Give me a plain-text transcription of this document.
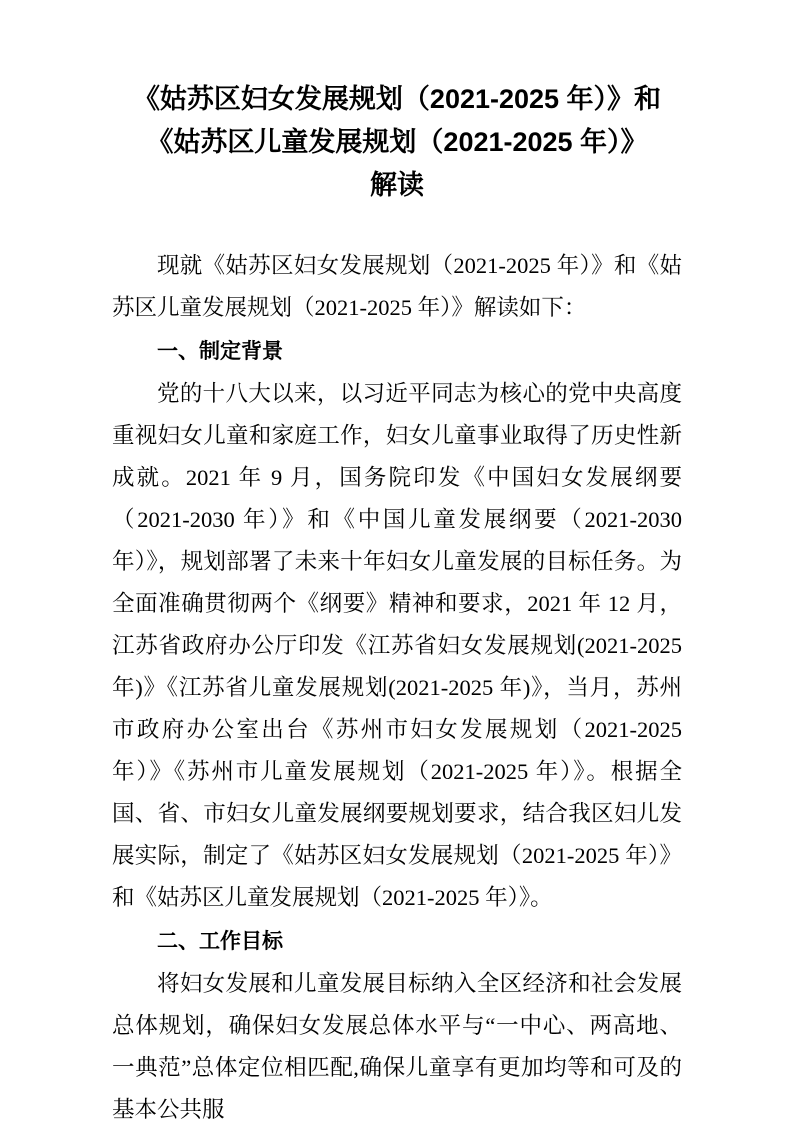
《姑苏区妇女发展规划（2021-2025 年）》和
《姑苏区儿童发展规划（2021-2025 年）》
解读

现就《姑苏区妇女发展规划（2021-2025 年）》和《姑苏区儿童发展规划（2021-2025 年）》解读如下：

一、制定背景

党的十八大以来，以习近平同志为核心的党中央高度重视妇女儿童和家庭工作，妇女儿童事业取得了历史性新成就。2021 年 9 月，国务院印发《中国妇女发展纲要（2021-2030 年）》和《中国儿童发展纲要（2021-2030 年）》，规划部署了未来十年妇女儿童发展的目标任务。为全面准确贯彻两个《纲要》精神和要求，2021 年 12 月，江苏省政府办公厅印发《江苏省妇女发展规划(2021-2025 年)》《江苏省儿童发展规划(2021-2025 年)》，当月，苏州市政府办公室出台《苏州市妇女发展规划（2021-2025 年）》《苏州市儿童发展规划（2021-2025 年）》。根据全国、省、市妇女儿童发展纲要规划要求，结合我区妇儿发展实际，制定了《姑苏区妇女发展规划（2021-2025 年）》和《姑苏区儿童发展规划（2021-2025 年）》。

二、工作目标

将妇女发展和儿童发展目标纳入全区经济和社会发展总体规划，确保妇女发展总体水平与“一中心、两高地、一典范”总体定位相匹配,确保儿童享有更加均等和可及的基本公共服
